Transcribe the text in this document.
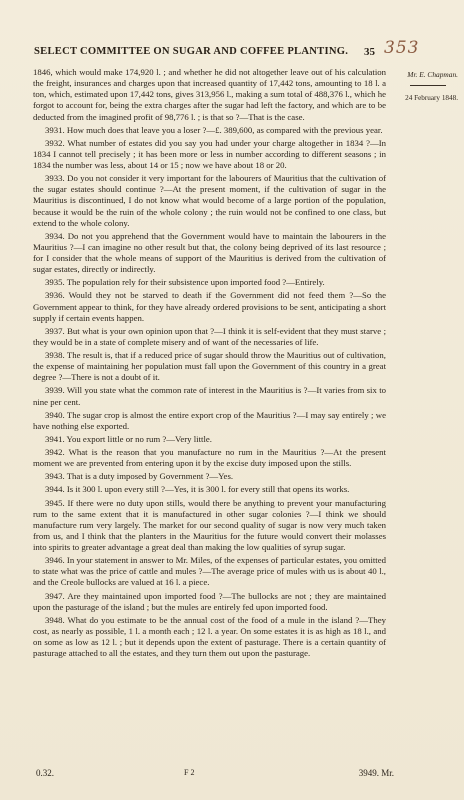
SELECT COMMITTEE ON SUGAR AND COFFEE PLANTING. 35 353
Mr. E. Chapman.
24 February 1848.

1846, which would make 174,920 l. ; and whether he did not altogether leave out of his calculation the freight, insurances and charges upon that increased quantity of 17,442 tons, amounting to 18 l. a ton, which, estimated upon 17,442 tons, gives 313,956 l., making a sum total of 488,376 l., which he forgot to account for, being the extra charges after the sugar had left the factory, and which are to be deducted from the imagined profit of 98,776 l. ; is that so ?—That is the case.

3931. How much does that leave you a loser ?—£. 389,600, as compared with the previous year.

3932. What number of estates did you say you had under your charge altogether in 1834 ?—In 1834 I cannot tell precisely ; it has been more or less in number according to different seasons ; in 1834 the number was less, about 14 or 15 ; now we have about 18 or 20.

3933. Do you not consider it very important for the labourers of Mauritius that the cultivation of the sugar estates should continue ?—At the present moment, if the cultivation of sugar in the Mauritius is discontinued, I do not know what would become of a large portion of the population, because it would be the ruin of the whole colony ; the ruin would not be confined to one class, but extend to the whole colony.

3934. Do not you apprehend that the Government would have to maintain the labourers in the Mauritius ?—I can imagine no other result but that, the colony being deprived of its last resource ; for I consider that the whole means of support of the Mauritius is derived from the cultivation of sugar estates, directly or indirectly.

3935. The population rely for their subsistence upon imported food ?—Entirely.

3936. Would they not be starved to death if the Government did not feed them ?—So the Government appear to think, for they have already ordered provisions to be sent, anticipating a short supply if certain events happen.

3937. But what is your own opinion upon that ?—I think it is self-evident that they must starve ; they would be in a state of complete misery and of want of the necessaries of life.

3938. The result is, that if a reduced price of sugar should throw the Mauritius out of cultivation, the expense of maintaining her population must fall upon the Government of this country in a great degree ?—There is not a doubt of it.

3939. Will you state what the common rate of interest in the Mauritius is ?—It varies from six to nine per cent.

3940. The sugar crop is almost the entire export crop of the Mauritius ?—I may say entirely ; we have nothing else exported.

3941. You export little or no rum ?—Very little.

3942. What is the reason that you manufacture no rum in the Mauritius ?—At the present moment we are prevented from entering upon it by the excise duty imposed upon the stills.

3943. That is a duty imposed by Government ?—Yes.

3944. Is it 300 l. upon every still ?—Yes, it is 300 l. for every still that opens its works.

3945. If there were no duty upon stills, would there be anything to prevent your manufacturing rum to the same extent that it is manufactured in other sugar colonies ?—I think we should manufacture rum very largely. The market for our second quality of sugar is now very much taken from us, and I think that the planters in the Mauritius for the future would convert their molasses into spirits to greater advantage a great deal than making the low qualities of syrup sugar.

3946. In your statement in answer to Mr. Miles, of the expenses of particular estates, you omitted to state what was the price of cattle and mules ?—The average price of mules with us is about 40 l., and the Creole bullocks are valued at 16 l. a piece.

3947. Are they maintained upon imported food ?—The bullocks are not ; they are maintained upon the pasturage of the island ; but the mules are entirely fed upon imported food.

3948. What do you estimate to be the annual cost of the food of a mule in the island ?—They cost, as nearly as possible, 1 l. a month each ; 12 l. a year. On some estates it is as high as 18 l., and on some as low as 12 l. ; but it depends upon the extent of pasturage. There is a certain quantity of pasturage attached to all the estates, and they turn them out upon the pasturage.

0.32.	F 2	3949. Mr.
